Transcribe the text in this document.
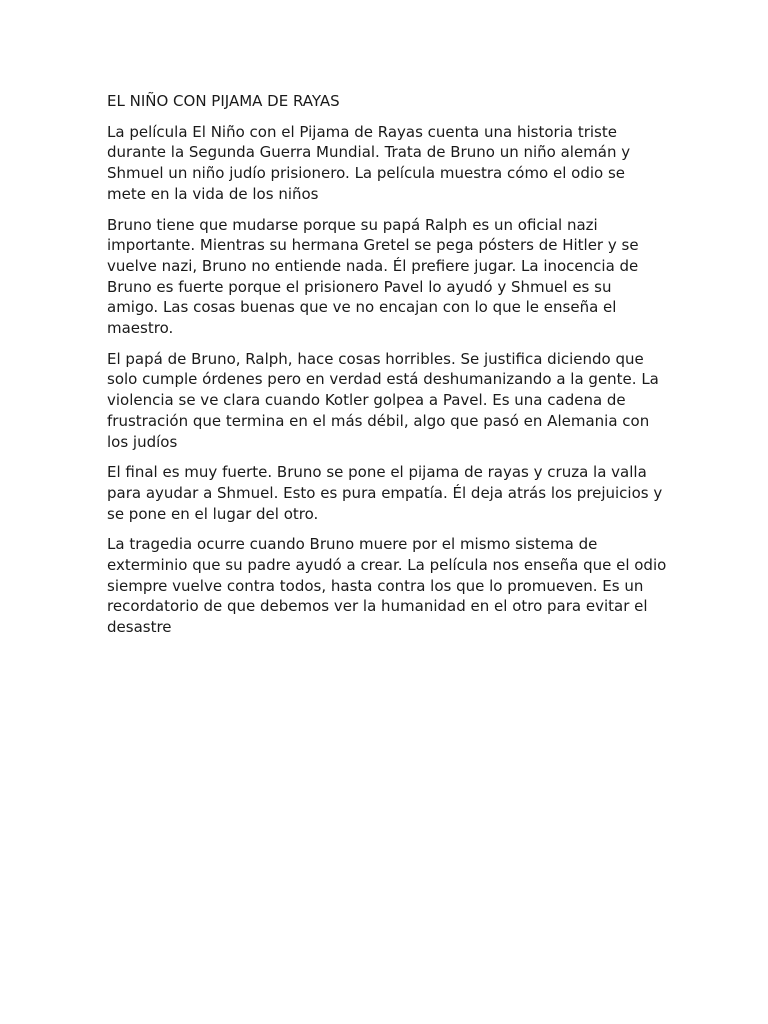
EL NIÑO CON PIJAMA DE RAYAS

La película El Niño con el Pijama de Rayas cuenta una historia triste durante la Segunda Guerra Mundial. Trata de Bruno un niño alemán y Shmuel un niño judío prisionero. La película muestra cómo el odio se mete en la vida de los niños

Bruno tiene que mudarse porque su papá Ralph es un oficial nazi importante. Mientras su hermana Gretel se pega pósters de Hitler y se vuelve nazi, Bruno no entiende nada. Él prefiere jugar. La inocencia de Bruno es fuerte porque el prisionero Pavel lo ayudó y Shmuel es su amigo. Las cosas buenas que ve no encajan con lo que le enseña el maestro.

El papá de Bruno, Ralph, hace cosas horribles. Se justifica diciendo que solo cumple órdenes pero en verdad está deshumanizando a la gente. La violencia se ve clara cuando Kotler golpea a Pavel. Es una cadena de frustración que termina en el más débil, algo que pasó en Alemania con los judíos

El final es muy fuerte. Bruno se pone el pijama de rayas y cruza la valla para ayudar a Shmuel. Esto es pura empatía. Él deja atrás los prejuicios y se pone en el lugar del otro.

La tragedia ocurre cuando Bruno muere por el mismo sistema de exterminio que su padre ayudó a crear. La película nos enseña que el odio siempre vuelve contra todos, hasta contra los que lo promueven. Es un recordatorio de que debemos ver la humanidad en el otro para evitar el desastre
